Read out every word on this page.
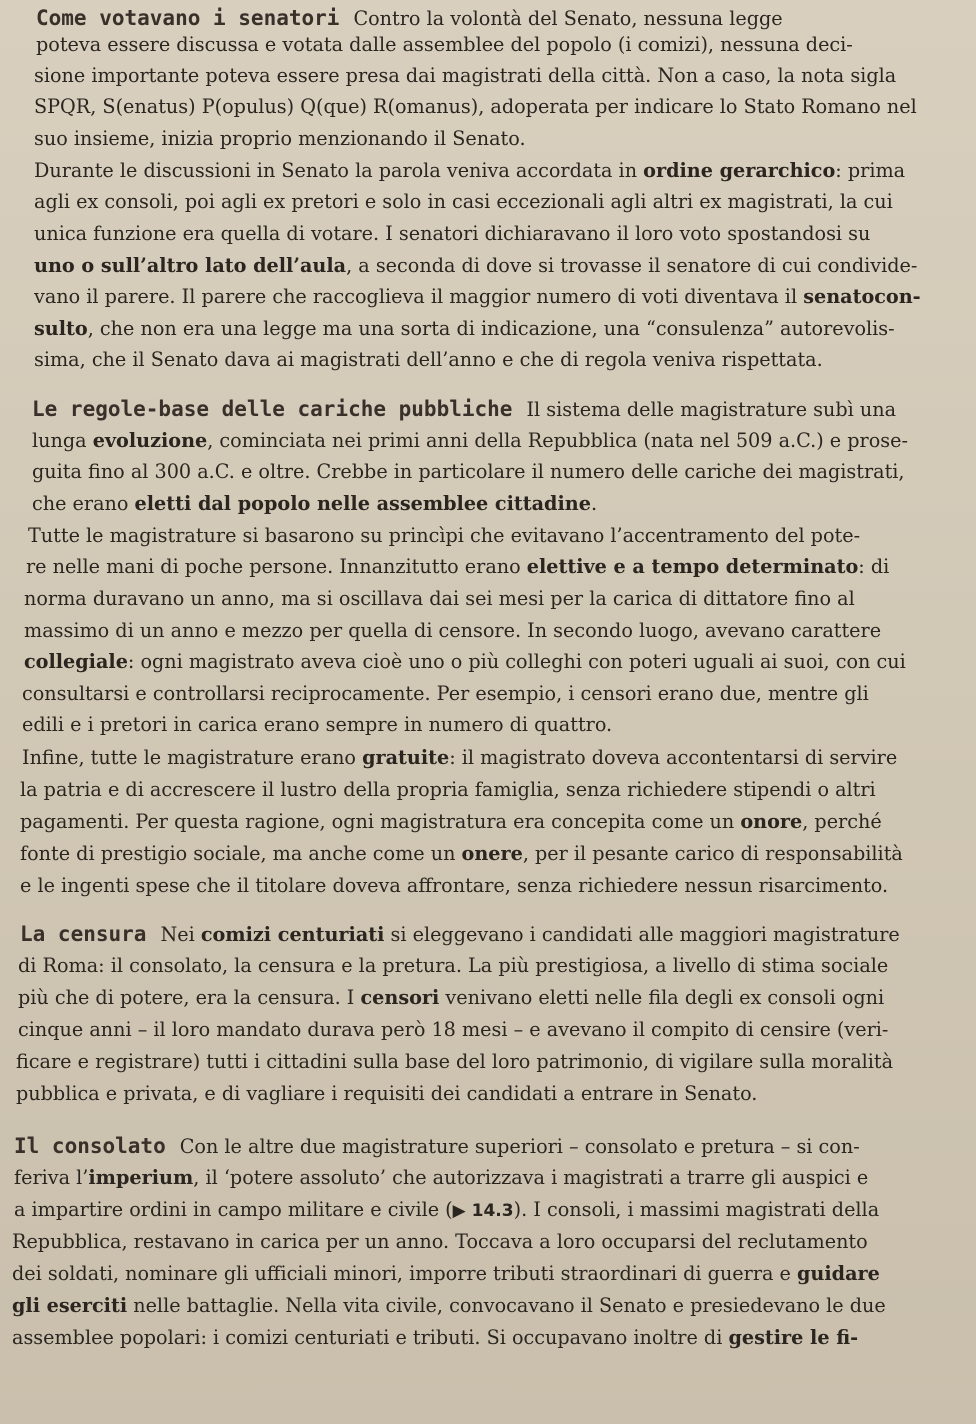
Come votavano i senatori Contro la volontà del Senato, nessuna legge
poteva essere discussa e votata dalle assemblee del popolo (i comizi), nessuna deci-
sione importante poteva essere presa dai magistrati della città. Non a caso, la nota sigla
SPQR, S(enatus) P(opulus) Q(que) R(omanus), adoperata per indicare lo Stato Romano nel
suo insieme, inizia proprio menzionando il Senato.
Durante le discussioni in Senato la parola veniva accordata in ordine gerarchico: prima
agli ex consoli, poi agli ex pretori e solo in casi eccezionali agli altri ex magistrati, la cui
unica funzione era quella di votare. I senatori dichiaravano il loro voto spostandosi su
uno o sull’altro lato dell’aula, a seconda di dove si trovasse il senatore di cui condivide-
vano il parere. Il parere che raccoglieva il maggior numero di voti diventava il senatocon-
sulto, che non era una legge ma una sorta di indicazione, una “consulenza” autorevolis-
sima, che il Senato dava ai magistrati dell’anno e che di regola veniva rispettata.
Le regole-base delle cariche pubbliche Il sistema delle magistrature subì una
lunga evoluzione, cominciata nei primi anni della Repubblica (nata nel 509 a.C.) e prose-
guita fino al 300 a.C. e oltre. Crebbe in particolare il numero delle cariche dei magistrati,
che erano eletti dal popolo nelle assemblee cittadine.
Tutte le magistrature si basarono su princìpi che evitavano l’accentramento del pote-
re nelle mani di poche persone. Innanzitutto erano elettive e a tempo determinato: di
norma duravano un anno, ma si oscillava dai sei mesi per la carica di dittatore fino al
massimo di un anno e mezzo per quella di censore. In secondo luogo, avevano carattere
collegiale: ogni magistrato aveva cioè uno o più colleghi con poteri uguali ai suoi, con cui
consultarsi e controllarsi reciprocamente. Per esempio, i censori erano due, mentre gli
edili e i pretori in carica erano sempre in numero di quattro.
Infine, tutte le magistrature erano gratuite: il magistrato doveva accontentarsi di servire
la patria e di accrescere il lustro della propria famiglia, senza richiedere stipendi o altri
pagamenti. Per questa ragione, ogni magistratura era concepita come un onore, perché
fonte di prestigio sociale, ma anche come un onere, per il pesante carico di responsabilità
e le ingenti spese che il titolare doveva affrontare, senza richiedere nessun risarcimento.
La censura Nei comizi centuriati si eleggevano i candidati alle maggiori magistrature
di Roma: il consolato, la censura e la pretura. La più prestigiosa, a livello di stima sociale
più che di potere, era la censura. I censori venivano eletti nelle fila degli ex consoli ogni
cinque anni – il loro mandato durava però 18 mesi – e avevano il compito di censire (veri-
ficare e registrare) tutti i cittadini sulla base del loro patrimonio, di vigilare sulla moralità
pubblica e privata, e di vagliare i requisiti dei candidati a entrare in Senato.
Il consolato Con le altre due magistrature superiori – consolato e pretura – si con-
feriva l’imperium, il ‘potere assoluto’ che autorizzava i magistrati a trarre gli auspici e
a impartire ordini in campo militare e civile (▶ 14.3). I consoli, i massimi magistrati della
Repubblica, restavano in carica per un anno. Toccava a loro occuparsi del reclutamento
dei soldati, nominare gli ufficiali minori, imporre tributi straordinari di guerra e guidare
gli eserciti nelle battaglie. Nella vita civile, convocavano il Senato e presiedevano le due
assemblee popolari: i comizi centuriati e tributi. Si occupavano inoltre di gestire le fi-
